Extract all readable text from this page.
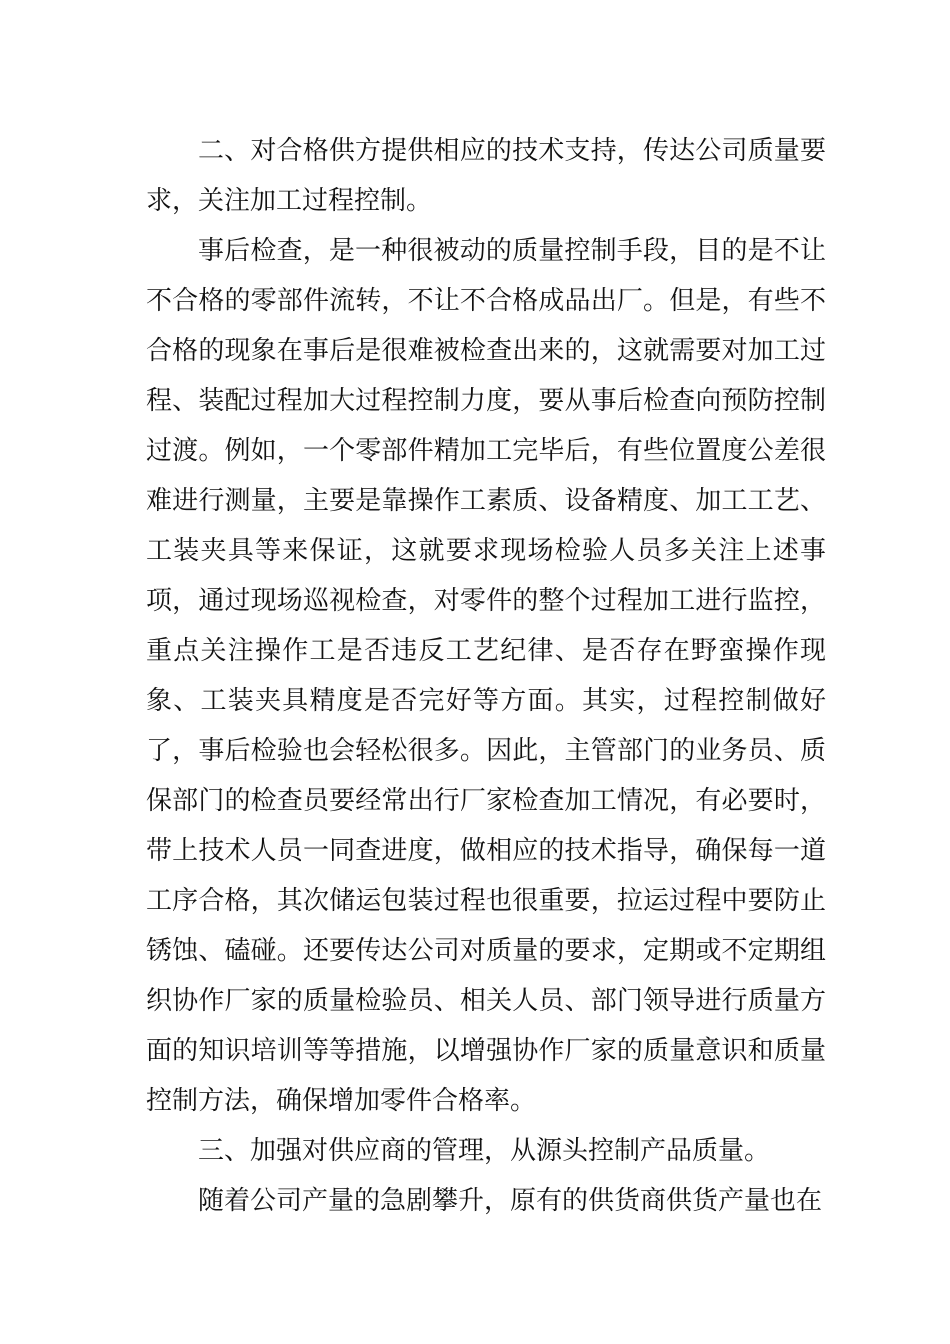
二、对合格供方提供相应的技术支持，传达公司质量要求，关注加工过程控制。

事后检查，是一种很被动的质量控制手段，目的是不让不合格的零部件流转，不让不合格成品出厂。但是，有些不合格的现象在事后是很难被检查出来的，这就需要对加工过程、装配过程加大过程控制力度，要从事后检查向预防控制过渡。例如，一个零部件精加工完毕后，有些位置度公差很难进行测量，主要是靠操作工素质、设备精度、加工工艺、工装夹具等来保证，这就要求现场检验人员多关注上述事项，通过现场巡视检查，对零件的整个过程加工进行监控，重点关注操作工是否违反工艺纪律、是否存在野蛮操作现象、工装夹具精度是否完好等方面。其实，过程控制做好了，事后检验也会轻松很多。因此，主管部门的业务员、质保部门的检查员要经常出行厂家检查加工情况，有必要时，带上技术人员一同查进度，做相应的技术指导，确保每一道工序合格，其次储运包装过程也很重要，拉运过程中要防止锈蚀、磕碰。还要传达公司对质量的要求，定期或不定期组织协作厂家的质量检验员、相关人员、部门领导进行质量方面的知识培训等等措施，以增强协作厂家的质量意识和质量控制方法，确保增加零件合格率。

三、加强对供应商的管理，从源头控制产品质量。

随着公司产量的急剧攀升，原有的供货商供货产量也在
